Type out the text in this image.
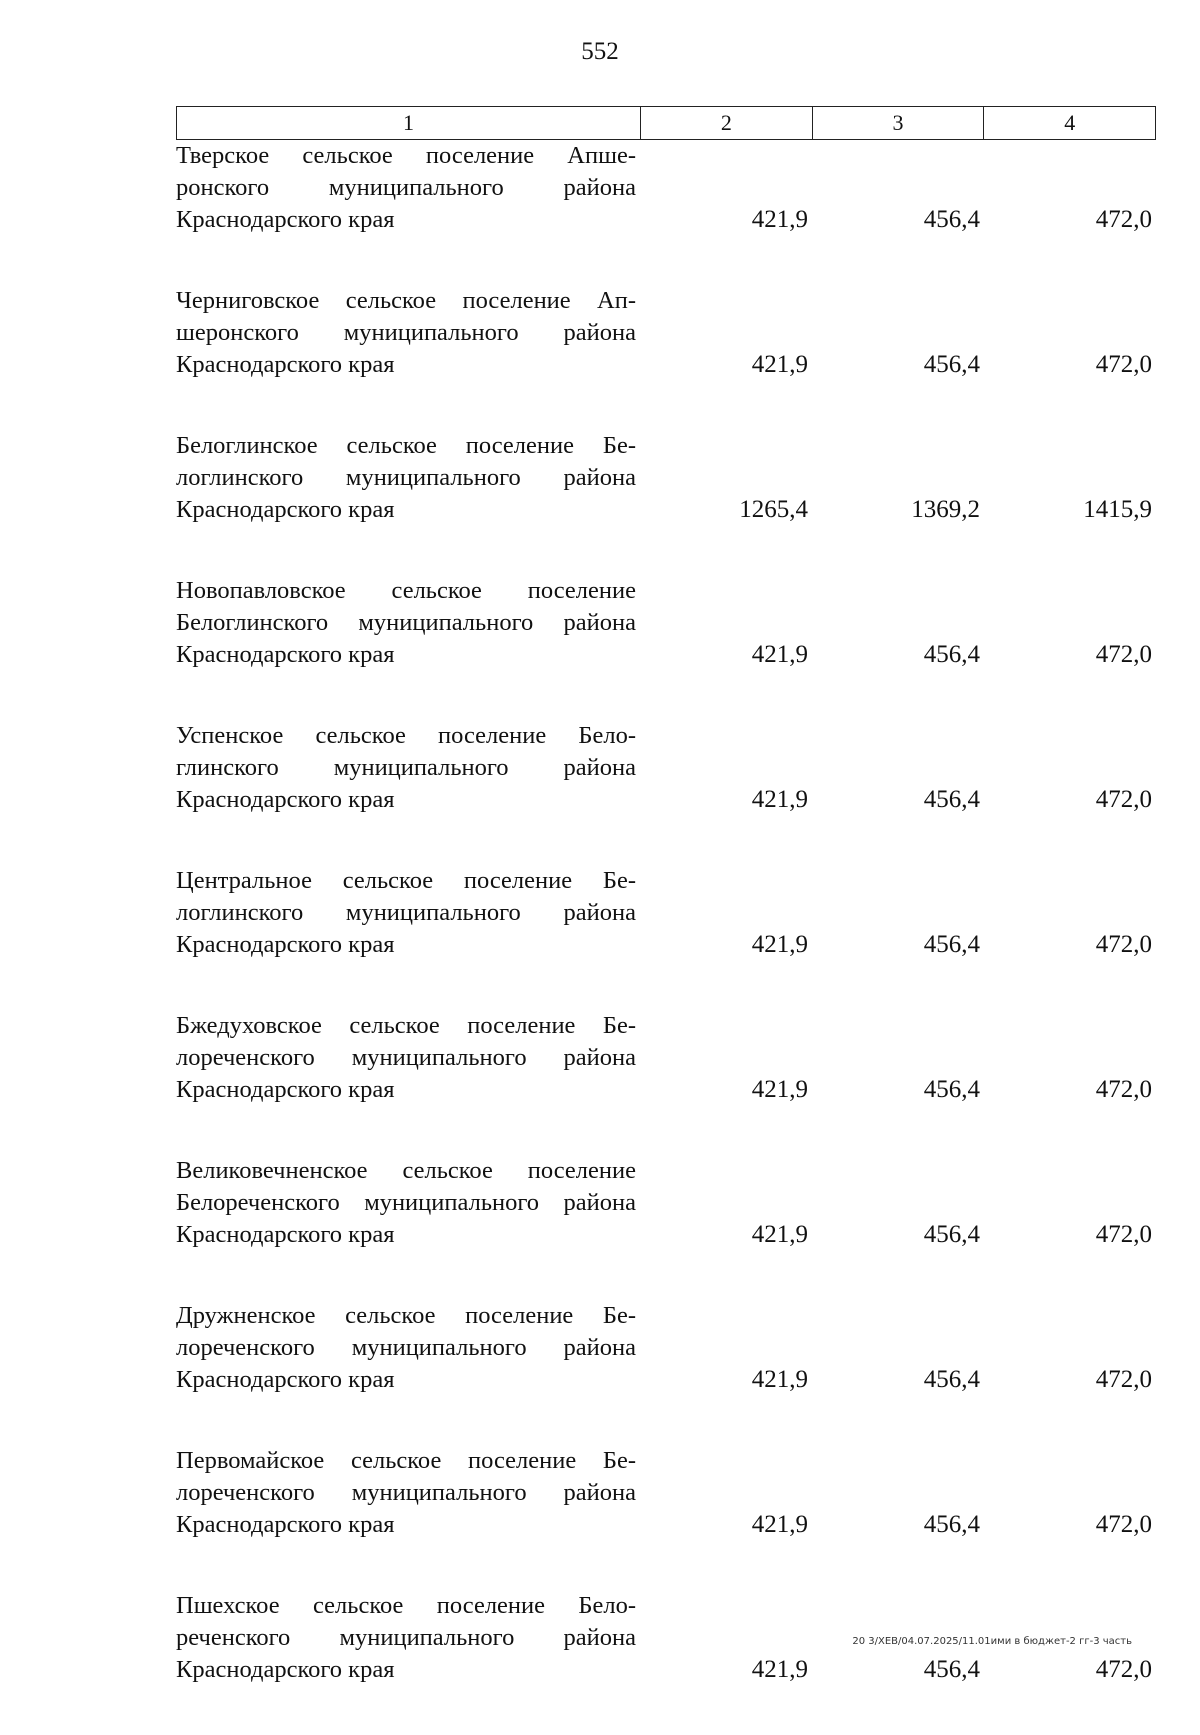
552
1	2	3	4
Тверское сельское поселение Апшеронского муниципального района Краснодарского края	421,9	456,4	472,0
Черниговское сельское поселение Апшеронского муниципального района Краснодарского края	421,9	456,4	472,0
Белоглинское сельское поселение Белоглинского муниципального района Краснодарского края	1265,4	1369,2	1415,9
Новопавловское сельское поселение Белоглинского муниципального района Краснодарского края	421,9	456,4	472,0
Успенское сельское поселение Белоглинского муниципального района Краснодарского края	421,9	456,4	472,0
Центральное сельское поселение Белоглинского муниципального района Краснодарского края	421,9	456,4	472,0
Бжедуховское сельское поселение Белореченского муниципального района Краснодарского края	421,9	456,4	472,0
Великовечненское сельское поселение Белореченского муниципального района Краснодарского края	421,9	456,4	472,0
Дружненское сельское поселение Белореченского муниципального района Краснодарского края	421,9	456,4	472,0
Первомайское сельское поселение Белореченского муниципального района Краснодарского края	421,9	456,4	472,0
Пшехское сельское поселение Белореченского муниципального района Краснодарского края	421,9	456,4	472,0
20 3/ХЕВ/04.07.2025/11.01ими в бюджет-2 гг-3 часть
